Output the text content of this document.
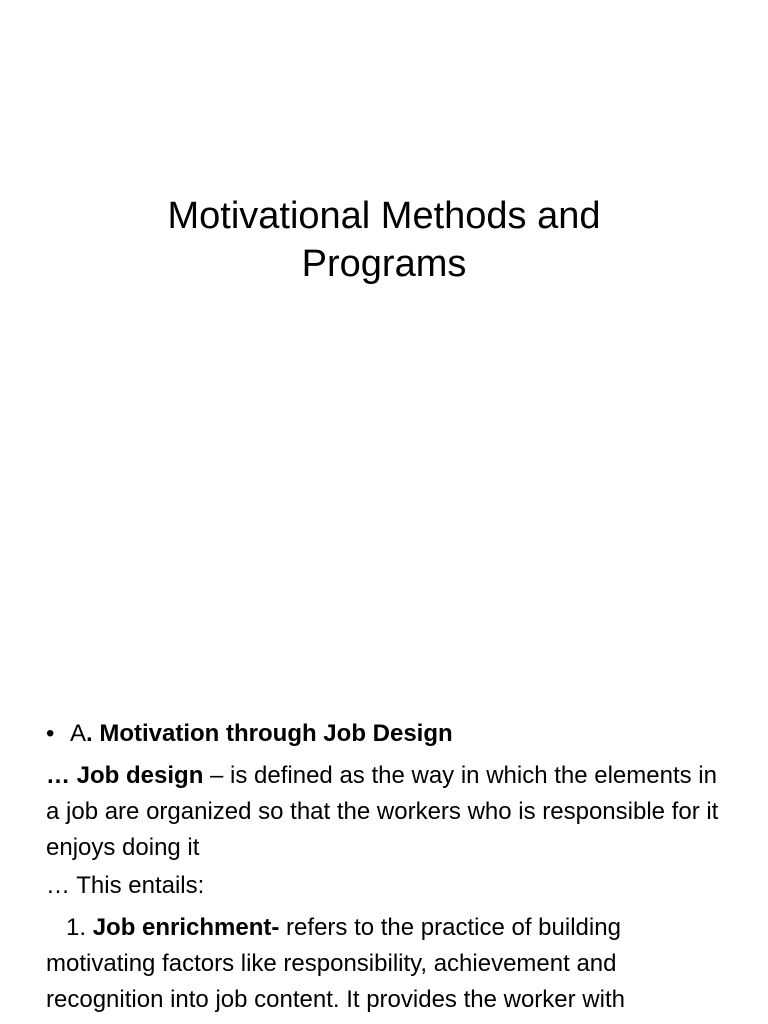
Motivational Methods and
Programs
• A. Motivation through Job Design
… Job design – is defined as the way in which the elements in a job are organized so that the workers who is responsible for it enjoys doing it
… This entails:
1. Job enrichment- refers to the practice of building motivating factors like responsibility, achievement and recognition into job content. It provides the worker with
